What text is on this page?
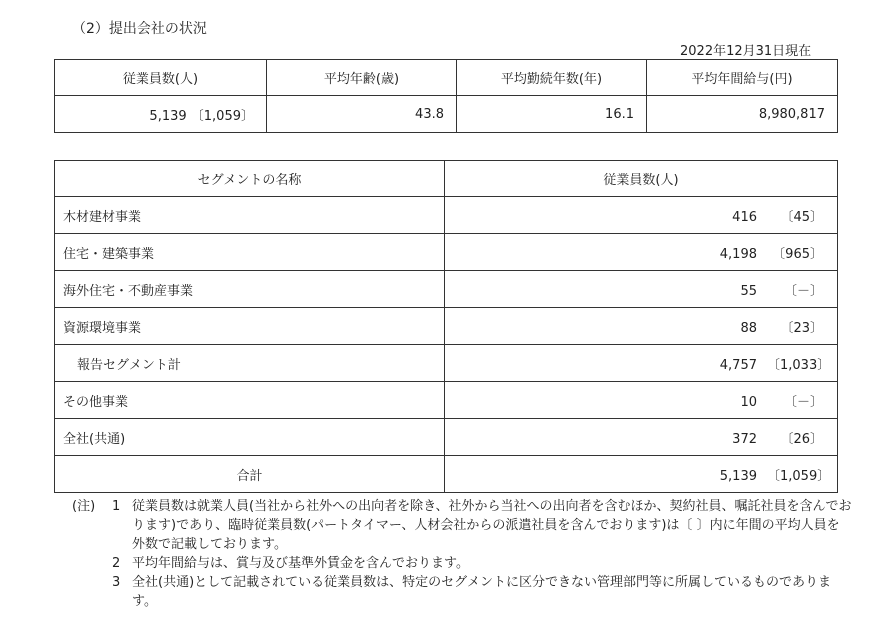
（2）提出会社の状況
2022年12月31日現在
従業員数(人)	平均年齢(歳)	平均勤続年数(年)	平均年間給与(円)
5,139 〔1,059〕	43.8	16.1	8,980,817
セグメントの名称	従業員数(人)
木材建材事業	416 〔45〕
住宅・建築事業	4,198 〔965〕
海外住宅・不動産事業	55 〔－〕
資源環境事業	88 〔23〕
報告セグメント計	4,757 〔1,033〕
その他事業	10 〔－〕
全社(共通)	372 〔26〕
合計	5,139 〔1,059〕
(注) 1 従業員数は就業人員(当社から社外への出向者を除き、社外から当社への出向者を含むほか、契約社員、嘱託社員を含んでおります)であり、臨時従業員数(パートタイマー、人材会社からの派遣社員を含んでおります)は〔 〕内に年間の平均人員を外数で記載しております。
2 平均年間給与は、賞与及び基準外賃金を含んでおります。
3 全社(共通)として記載されている従業員数は、特定のセグメントに区分できない管理部門等に所属しているものであります。
